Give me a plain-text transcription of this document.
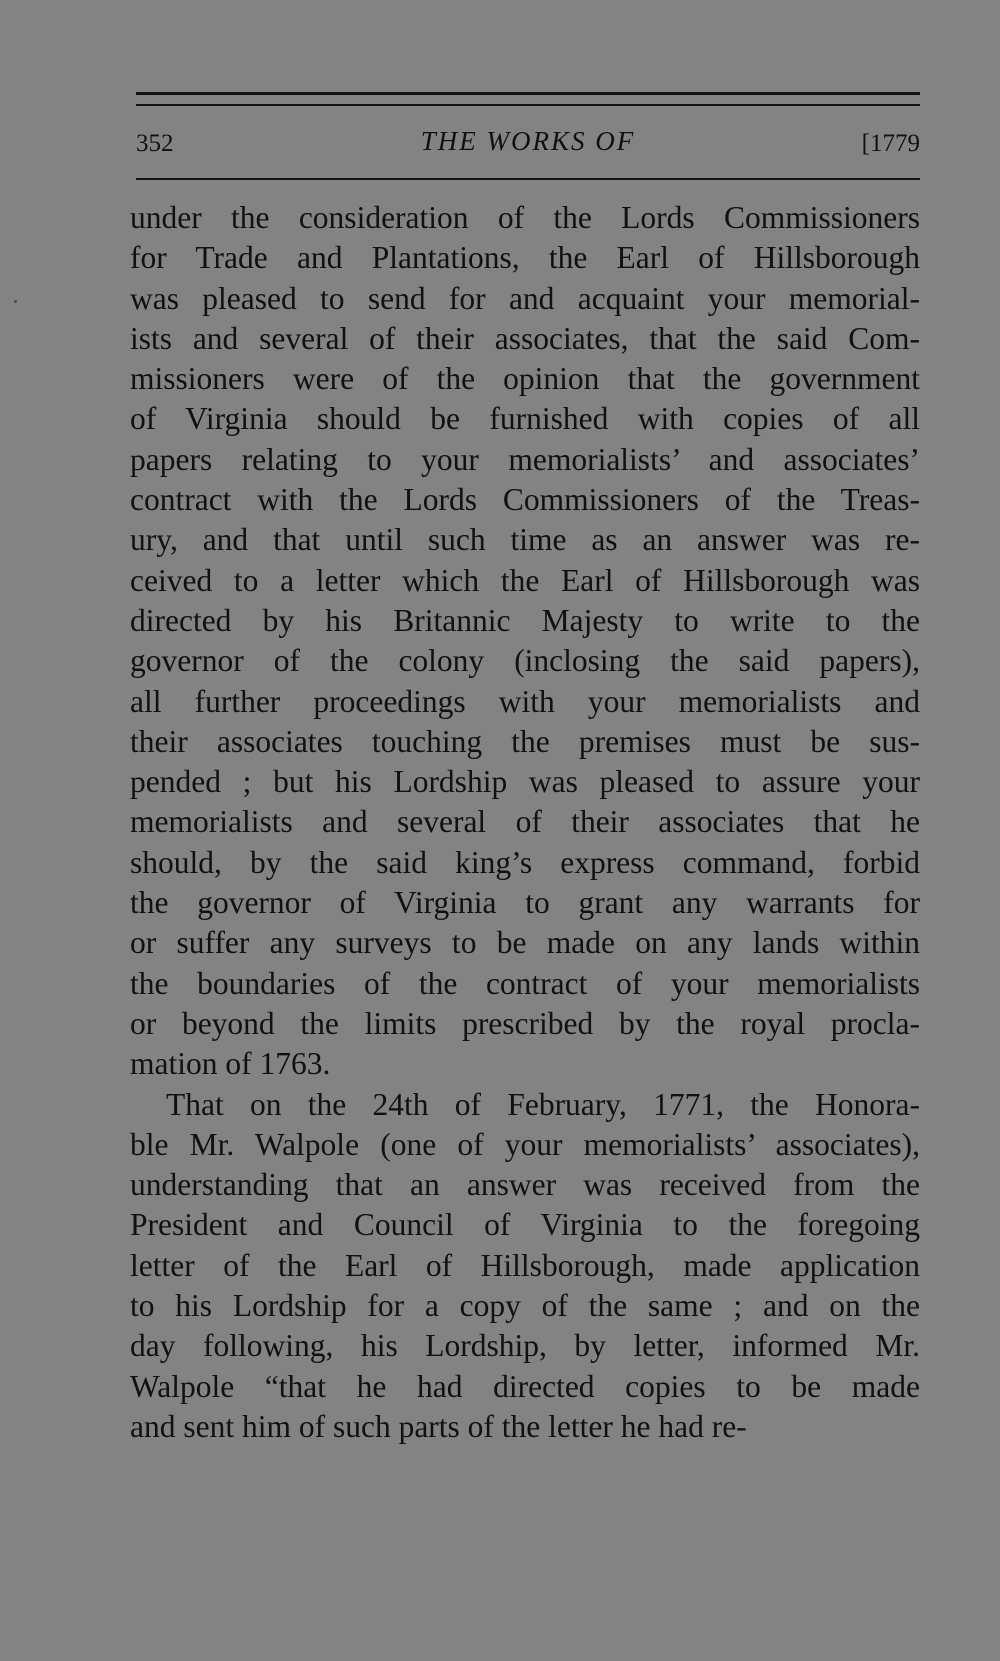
352	THE WORKS OF	[1779
under the consideration of the Lords Commissioners
for Trade and Plantations, the Earl of Hillsborough
was pleased to send for and acquaint your memorial-
ists and several of their associates, that the said Com-
missioners were of the opinion that the government
of Virginia should be furnished with copies of all
papers relating to your memorialists’ and associates’
contract with the Lords Commissioners of the Treas-
ury, and that until such time as an answer was re-
ceived to a letter which the Earl of Hillsborough was
directed by his Britannic Majesty to write to the
governor of the colony (inclosing the said papers),
all further proceedings with your memorialists and
their associates touching the premises must be sus-
pended ; but his Lordship was pleased to assure your
memorialists and several of their associates that he
should, by the said king’s express command, forbid
the governor of Virginia to grant any warrants for
or suffer any surveys to be made on any lands within
the boundaries of the contract of your memorialists
or beyond the limits prescribed by the royal procla-
mation of 1763.
That on the 24th of February, 1771, the Honora-
ble Mr. Walpole (one of your memorialists’ associates),
understanding that an answer was received from the
President and Council of Virginia to the foregoing
letter of the Earl of Hillsborough, made application
to his Lordship for a copy of the same ; and on the
day following, his Lordship, by letter, informed Mr.
Walpole “that he had directed copies to be made
and sent him of such parts of the letter he had re-
